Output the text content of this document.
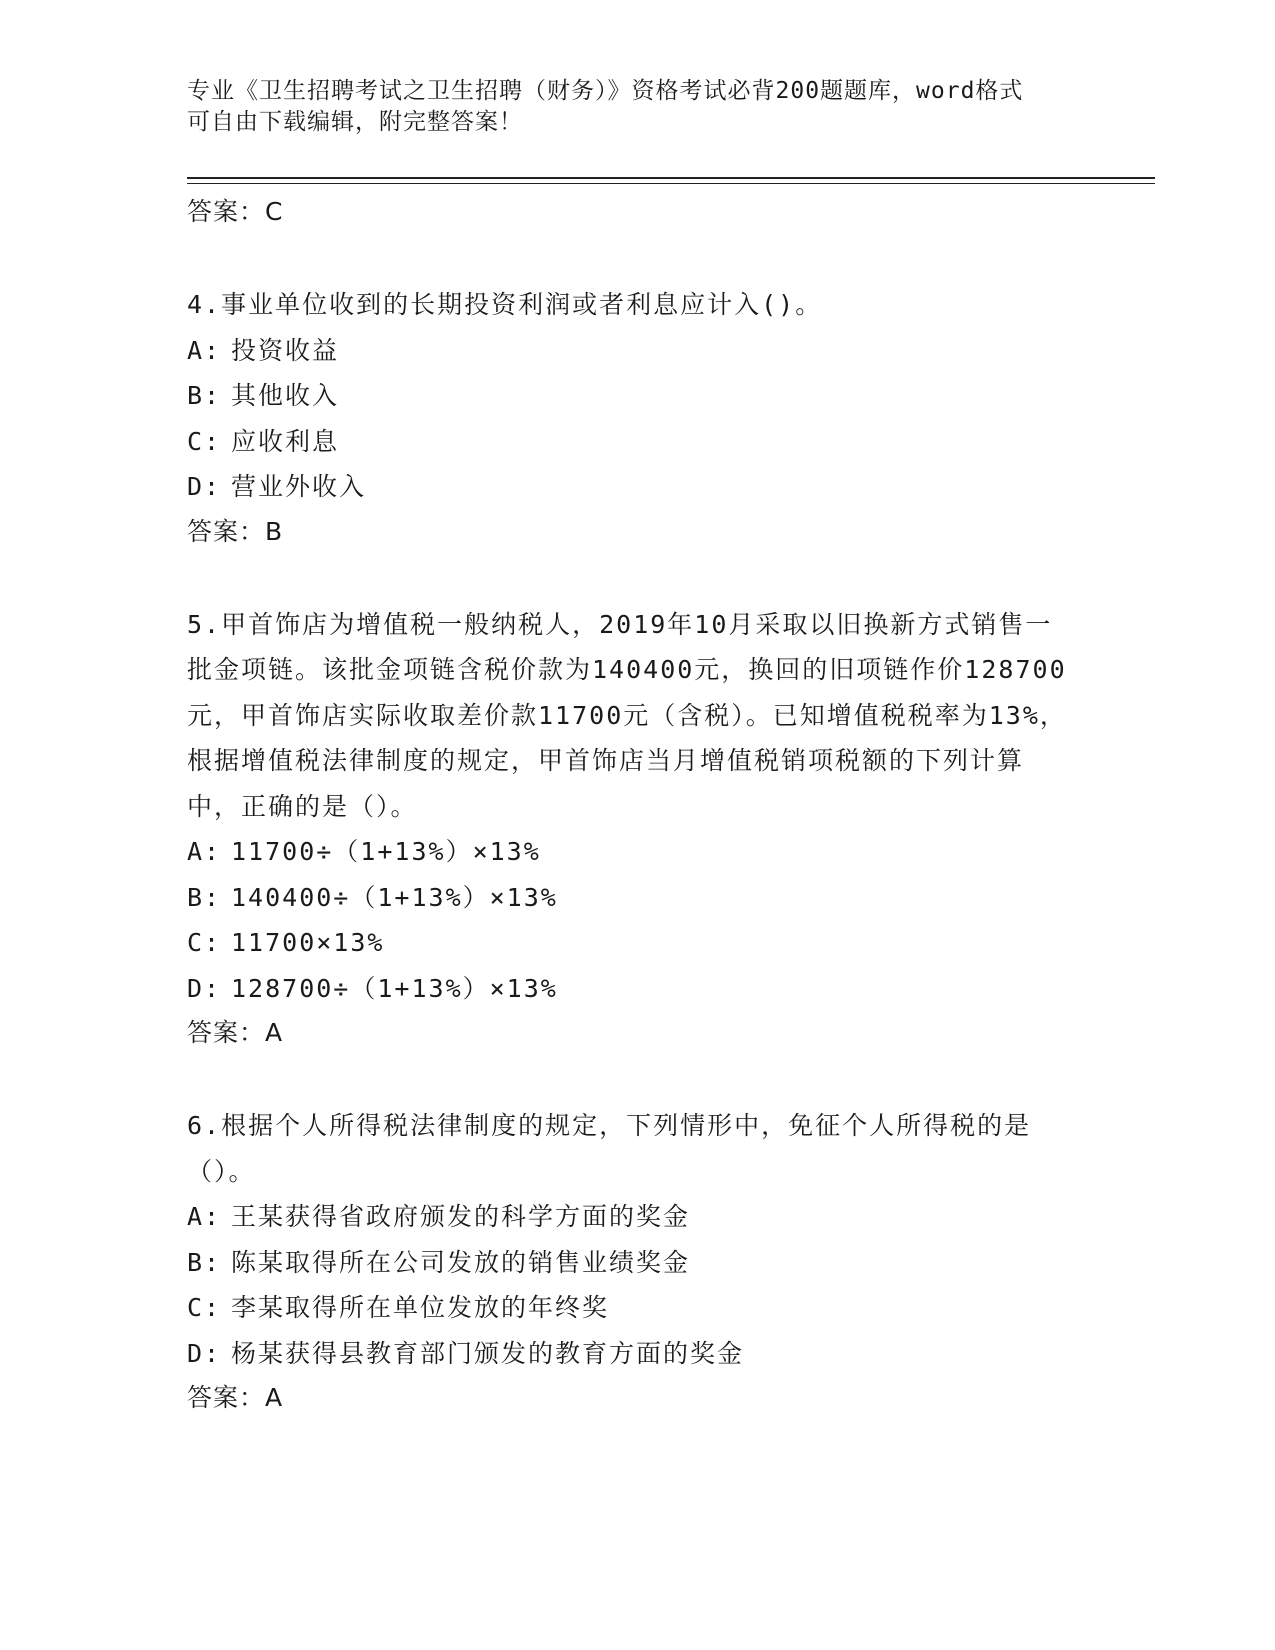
专业《卫生招聘考试之卫生招聘（财务）》资格考试必背200题题库，word格式
可自由下载编辑，附完整答案！
答案：C
4.事业单位收到的长期投资利润或者利息应计入()。
A: 投资收益
B: 其他收入
C: 应收利息
D: 营业外收入
答案：B
5.甲首饰店为增值税一般纳税人，2019年10月采取以旧换新方式销售一批金项链。该批金项链含税价款为140400元，换回的旧项链作价128700元，甲首饰店实际收取差价款11700元（含税）。已知增值税税率为13%，根据增值税法律制度的规定，甲首饰店当月增值税销项税额的下列计算中，正确的是（）。
A: 11700÷（1+13%）×13%
B: 140400÷（1+13%）×13%
C: 11700×13%
D: 128700÷（1+13%）×13%
答案：A
6.根据个人所得税法律制度的规定，下列情形中，免征个人所得税的是（）。
A: 王某获得省政府颁发的科学方面的奖金
B: 陈某取得所在公司发放的销售业绩奖金
C: 李某取得所在单位发放的年终奖
D: 杨某获得县教育部门颁发的教育方面的奖金
答案：A
